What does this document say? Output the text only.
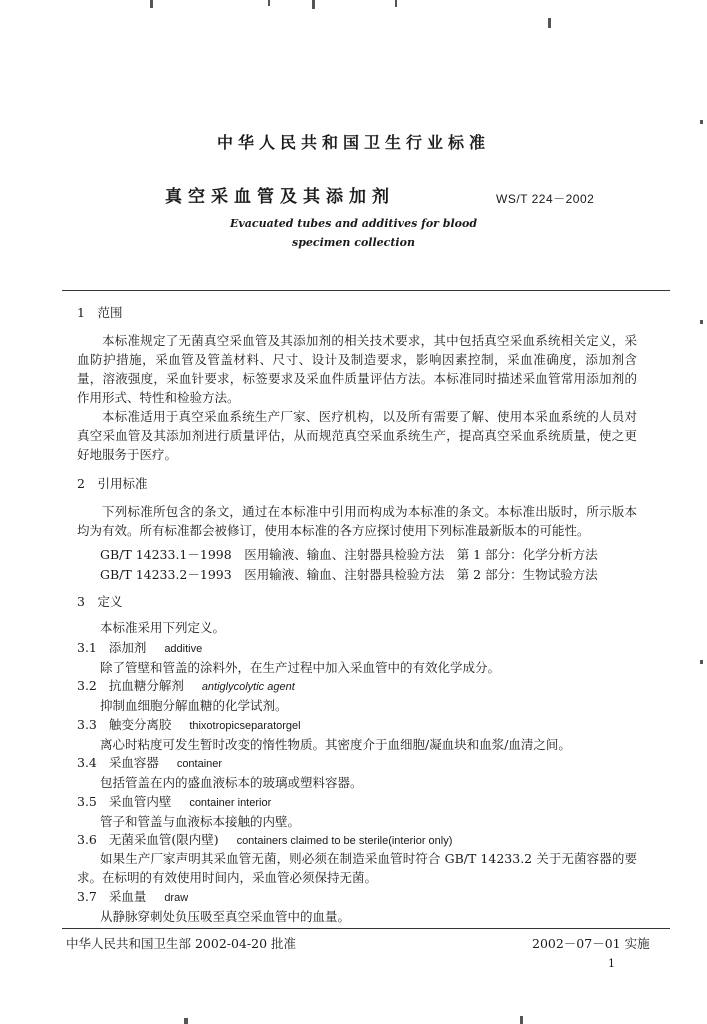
中华人民共和国卫生行业标准
真空采血管及其添加剂	WS/T 224－2002
Evacuated tubes and additives for blood
specimen collection
1　范围
本标准规定了无菌真空采血管及其添加剂的相关技术要求，其中包括真空采血系统相关定义，采血防护措施，采血管及管盖材料、尺寸、设计及制造要求，影响因素控制，采血准确度，添加剂含量，溶液强度，采血针要求，标签要求及采血件质量评估方法。本标准同时描述采血管常用添加剂的作用形式、特性和检验方法。
本标准适用于真空采血系统生产厂家、医疗机构，以及所有需要了解、使用本采血系统的人员对真空采血管及其添加剂进行质量评估，从而规范真空采血系统生产，提高真空采血系统质量，使之更好地服务于医疗。
2　引用标准
下列标准所包含的条文，通过在本标准中引用而构成为本标准的条文。本标准出版时，所示版本均为有效。所有标准都会被修订，使用本标准的各方应探讨使用下列标准最新版本的可能性。
GB/T 14233.1－1998　医用输液、输血、注射器具检验方法　第 1 部分：化学分析方法
GB/T 14233.2－1993　医用输液、输血、注射器具检验方法　第 2 部分：生物试验方法
3　定义
本标准采用下列定义。
3.1 添加剂 additive
除了管壁和管盖的涂料外，在生产过程中加入采血管中的有效化学成分。
3.2 抗血糖分解剂 antiglycolytic agent
抑制血细胞分解血糖的化学试剂。
3.3 触变分离胶 thixotropicseparatorgel
离心时粘度可发生暂时改变的惰性物质。其密度介于血细胞/凝血块和血浆/血清之间。
3.4 采血容器 container
包括管盖在内的盛血液标本的玻璃或塑料容器。
3.5 采血管内壁 container interior
管子和管盖与血液标本接触的内壁。
3.6 无菌采血管(限内壁) containers claimed to be sterile(interior only)
如果生产厂家声明其采血管无菌，则必须在制造采血管时符合 GB/T 14233.2 关于无菌容器的要求。在标明的有效使用时间内，采血管必须保持无菌。
3.7 采血量 draw
从静脉穿刺处负压吸至真空采血管中的血量。
中华人民共和国卫生部 2002-04-20 批准	2002－07－01 实施
1
